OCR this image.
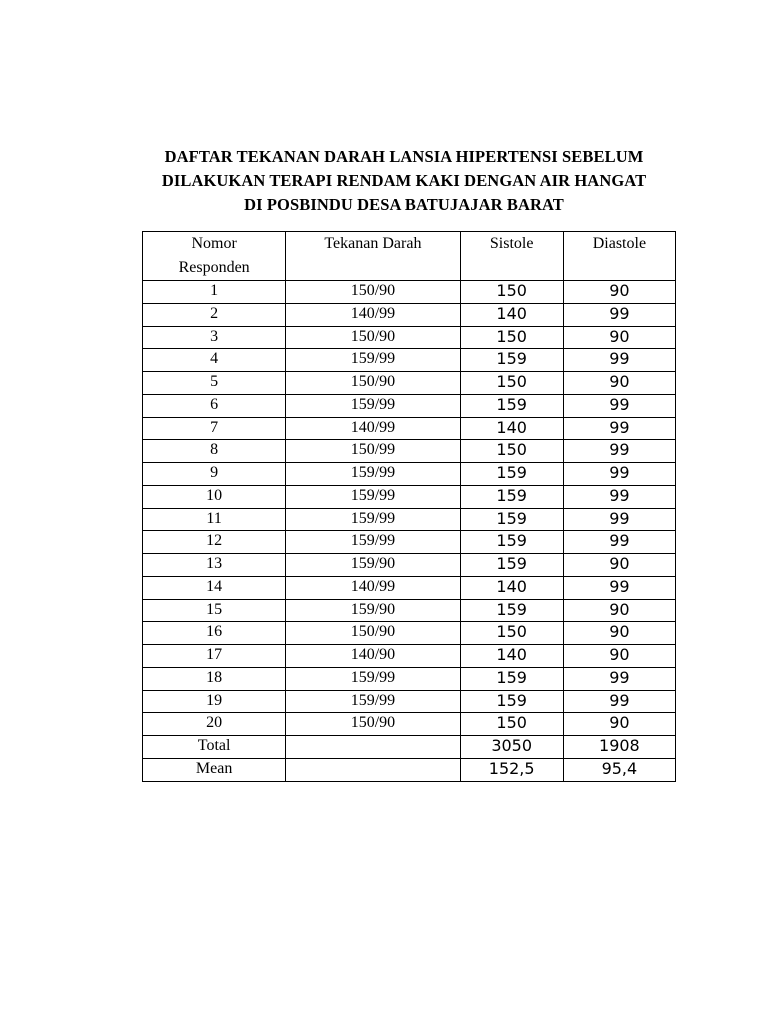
DAFTAR TEKANAN DARAH LANSIA HIPERTENSI SEBELUM
DILAKUKAN TERAPI RENDAM KAKI DENGAN AIR HANGAT
DI POSBINDU DESA BATUJAJAR BARAT
Nomor
Responden	Tekanan Darah	Sistole	Diastole
1	150/90	150	90
2	140/99	140	99
3	150/90	150	90
4	159/99	159	99
5	150/90	150	90
6	159/99	159	99
7	140/99	140	99
8	150/99	150	99
9	159/99	159	99
10	159/99	159	99
11	159/99	159	99
12	159/99	159	99
13	159/90	159	90
14	140/99	140	99
15	159/90	159	90
16	150/90	150	90
17	140/90	140	90
18	159/99	159	99
19	159/99	159	99
20	150/90	150	90
Total		3050	1908
Mean		152,5	95,4
